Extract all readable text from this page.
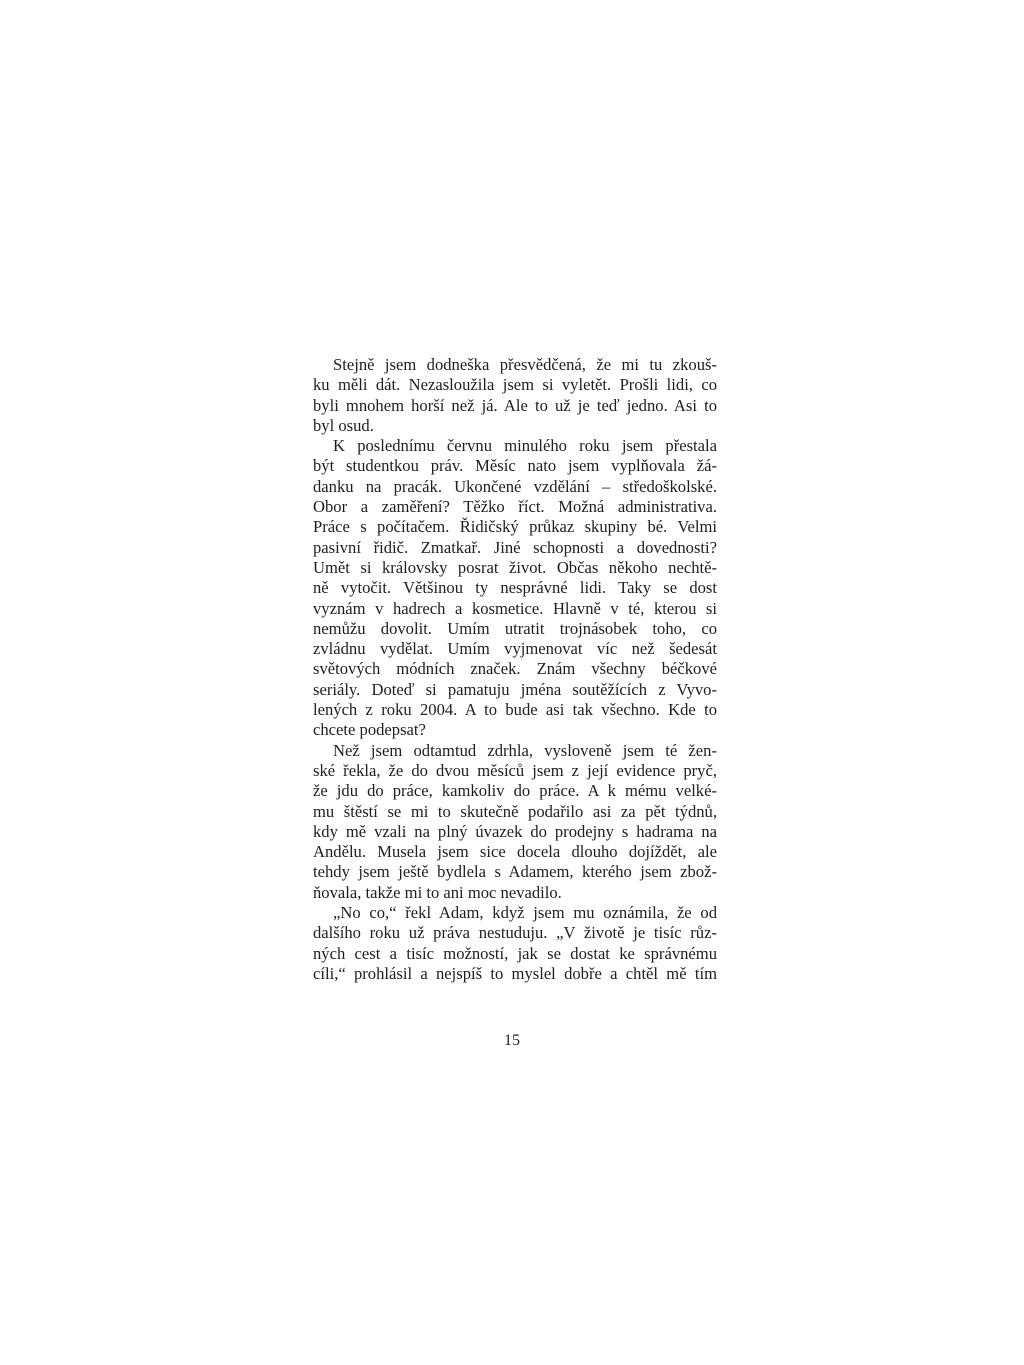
Stejně jsem dodneška přesvědčená, že mi tu zkouš-
ku měli dát. Nezasloužila jsem si vyletět. Prošli lidi, co
byli mnohem horší než já. Ale to už je teď jedno. Asi to
byl osud.
K poslednímu červnu minulého roku jsem přestala
být studentkou práv. Měsíc nato jsem vyplňovala žá-
danku na pracák. Ukončené vzdělání – středoškolské.
Obor a zaměření? Těžko říct. Možná administrativa.
Práce s počítačem. Řidičský průkaz skupiny bé. Velmi
pasivní řidič. Zmatkař. Jiné schopnosti a dovednosti?
Umět si královsky posrat život. Občas někoho nechtě-
ně vytočit. Většinou ty nesprávné lidi. Taky se dost
vyznám v hadrech a kosmetice. Hlavně v té, kterou si
nemůžu dovolit. Umím utratit trojnásobek toho, co
zvládnu vydělat. Umím vyjmenovat víc než šedesát
světových módních značek. Znám všechny béčkové
seriály. Doteď si pamatuju jména soutěžících z Vyvo-
lených z roku 2004. A to bude asi tak všechno. Kde to
chcete podepsat?
Než jsem odtamtud zdrhla, vysloveně jsem té žen-
ské řekla, že do dvou měsíců jsem z její evidence pryč,
že jdu do práce, kamkoliv do práce. A k mému velké-
mu štěstí se mi to skutečně podařilo asi za pět týdnů,
kdy mě vzali na plný úvazek do prodejny s hadrama na
Andělu. Musela jsem sice docela dlouho dojíždět, ale
tehdy jsem ještě bydlela s Adamem, kterého jsem zbož-
ňovala, takže mi to ani moc nevadilo.
„No co,“ řekl Adam, když jsem mu oznámila, že od
dalšího roku už práva nestuduju. „V životě je tisíc růz-
ných cest a tisíc možností, jak se dostat ke správnému
cíli,“ prohlásil a nejspíš to myslel dobře a chtěl mě tím
15
